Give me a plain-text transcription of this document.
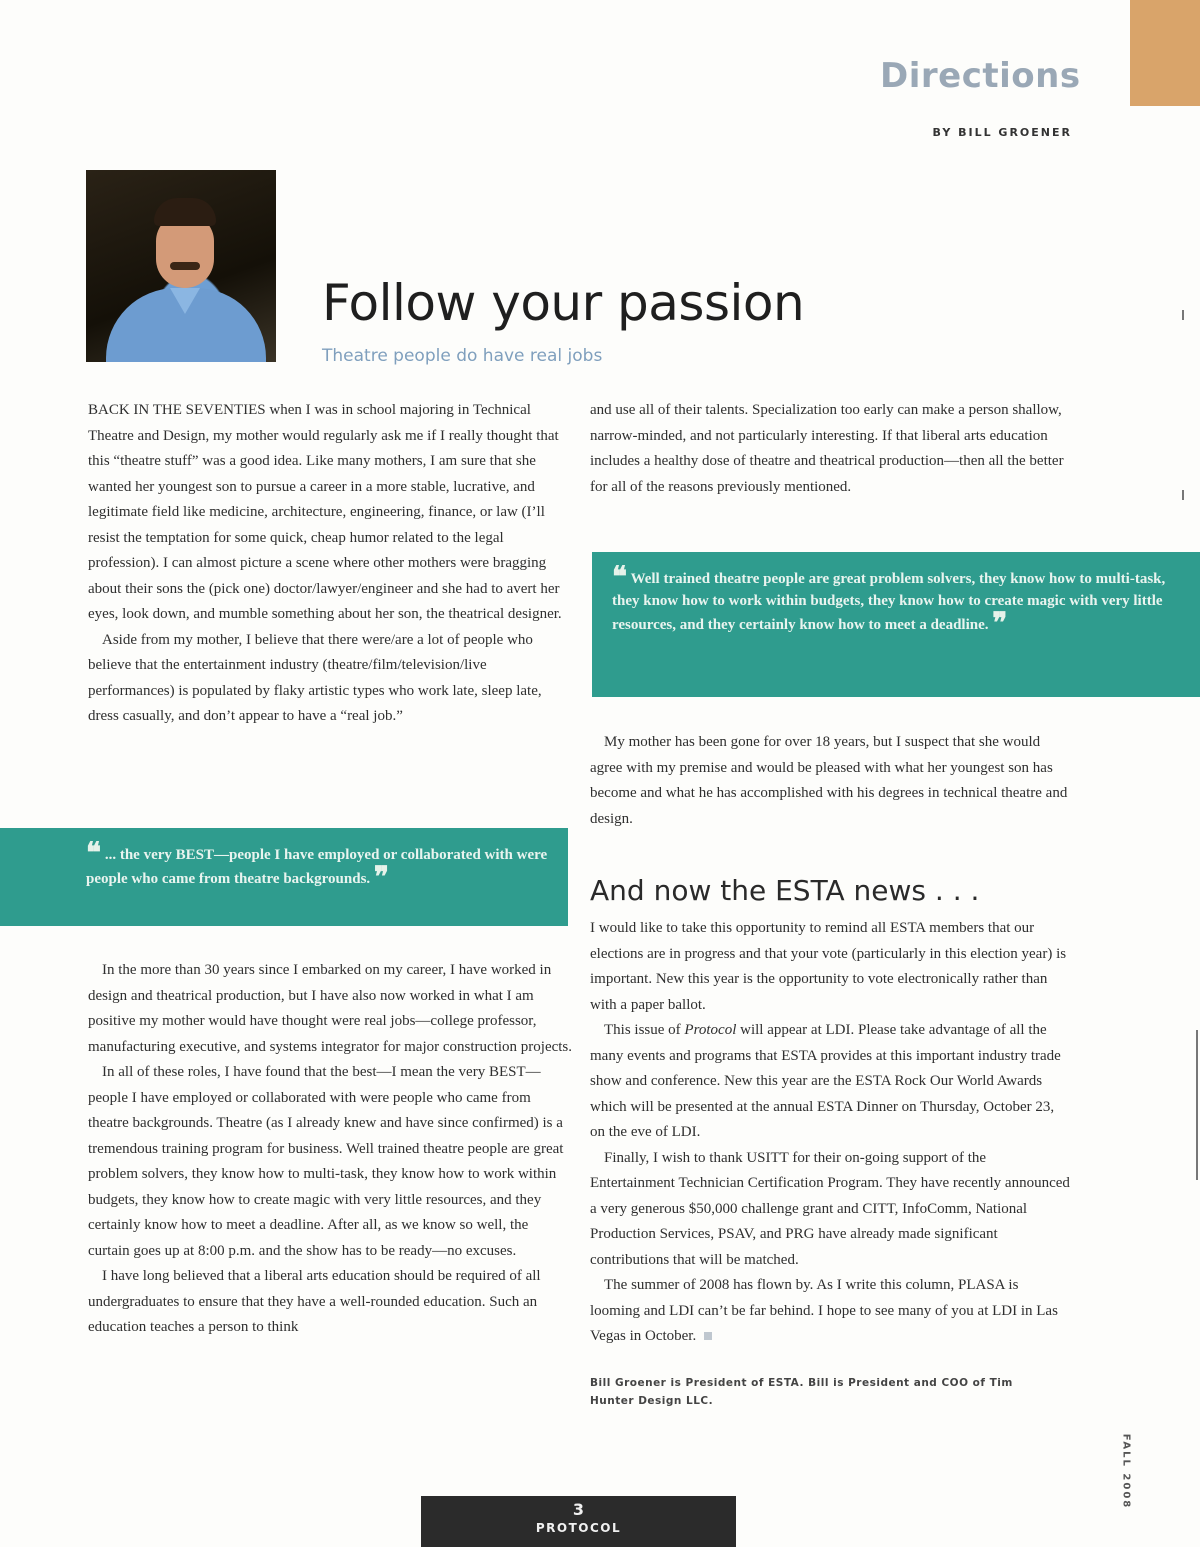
Directions
BY BILL GROENER
Follow your passion
Theatre people do have real jobs

BACK IN THE SEVENTIES when I was in school majoring in Technical Theatre and Design, my mother would regularly ask me if I really thought that this “theatre stuff” was a good idea. Like many mothers, I am sure that she wanted her youngest son to pursue a career in a more stable, lucrative, and legitimate field like medicine, architecture, engineering, finance, or law (I’ll resist the temptation for some quick, cheap humor related to the legal profession). I can almost picture a scene where other mothers were bragging about their sons the (pick one) doctor/lawyer/engineer and she had to avert her eyes, look down, and mumble something about her son, the theatrical designer.

Aside from my mother, I believe that there were/are a lot of people who believe that the entertainment industry (theatre/film/television/live performances) is populated by flaky artistic types who work late, sleep late, dress casually, and don’t appear to have a “real job.”

❝ ... the very BEST—people I have employed or collaborated with were people who came from theatre backgrounds. ❞

In the more than 30 years since I embarked on my career, I have worked in design and theatrical production, but I have also now worked in what I am positive my mother would have thought were real jobs—college professor, manufacturing executive, and systems integrator for major construction projects.

In all of these roles, I have found that the best—I mean the very BEST—people I have employed or collaborated with were people who came from theatre backgrounds. Theatre (as I already knew and have since confirmed) is a tremendous training program for business. Well trained theatre people are great problem solvers, they know how to multi-task, they know how to work within budgets, they know how to create magic with very little resources, and they certainly know how to meet a deadline. After all, as we know so well, the curtain goes up at 8:00 p.m. and the show has to be ready—no excuses.

I have long believed that a liberal arts education should be required of all undergraduates to ensure that they have a well-rounded education. Such an education teaches a person to think

and use all of their talents. Specialization too early can make a person shallow, narrow-minded, and not particularly interesting. If that liberal arts education includes a healthy dose of theatre and theatrical production—then all the better for all of the reasons previously mentioned.

❝ Well trained theatre people are great problem solvers, they know how to multi-task, they know how to work within budgets, they know how to create magic with very little resources, and they certainly know how to meet a deadline. ❞

My mother has been gone for over 18 years, but I suspect that she would agree with my premise and would be pleased with what her youngest son has become and what he has accomplished with his degrees in technical theatre and design.

And now the ESTA news . . .

I would like to take this opportunity to remind all ESTA members that our elections are in progress and that your vote (particularly in this election year) is important. New this year is the opportunity to vote electronically rather than with a paper ballot.

This issue of Protocol will appear at LDI. Please take advantage of all the many events and programs that ESTA provides at this important industry trade show and conference. New this year are the ESTA Rock Our World Awards which will be presented at the annual ESTA Dinner on Thursday, October 23, on the eve of LDI.

Finally, I wish to thank USITT for their on-going support of the Entertainment Technician Certification Program. They have recently announced a very generous $50,000 challenge grant and CITT, InfoComm, National Production Services, PSAV, and PRG have already made significant contributions that will be matched.

The summer of 2008 has flown by. As I write this column, PLASA is looming and LDI can’t be far behind. I hope to see many of you at LDI in Las Vegas in October.

Bill Groener is President of ESTA. Bill is President and COO of Tim Hunter Design LLC.
FALL 2008
3
PROTOCOL
